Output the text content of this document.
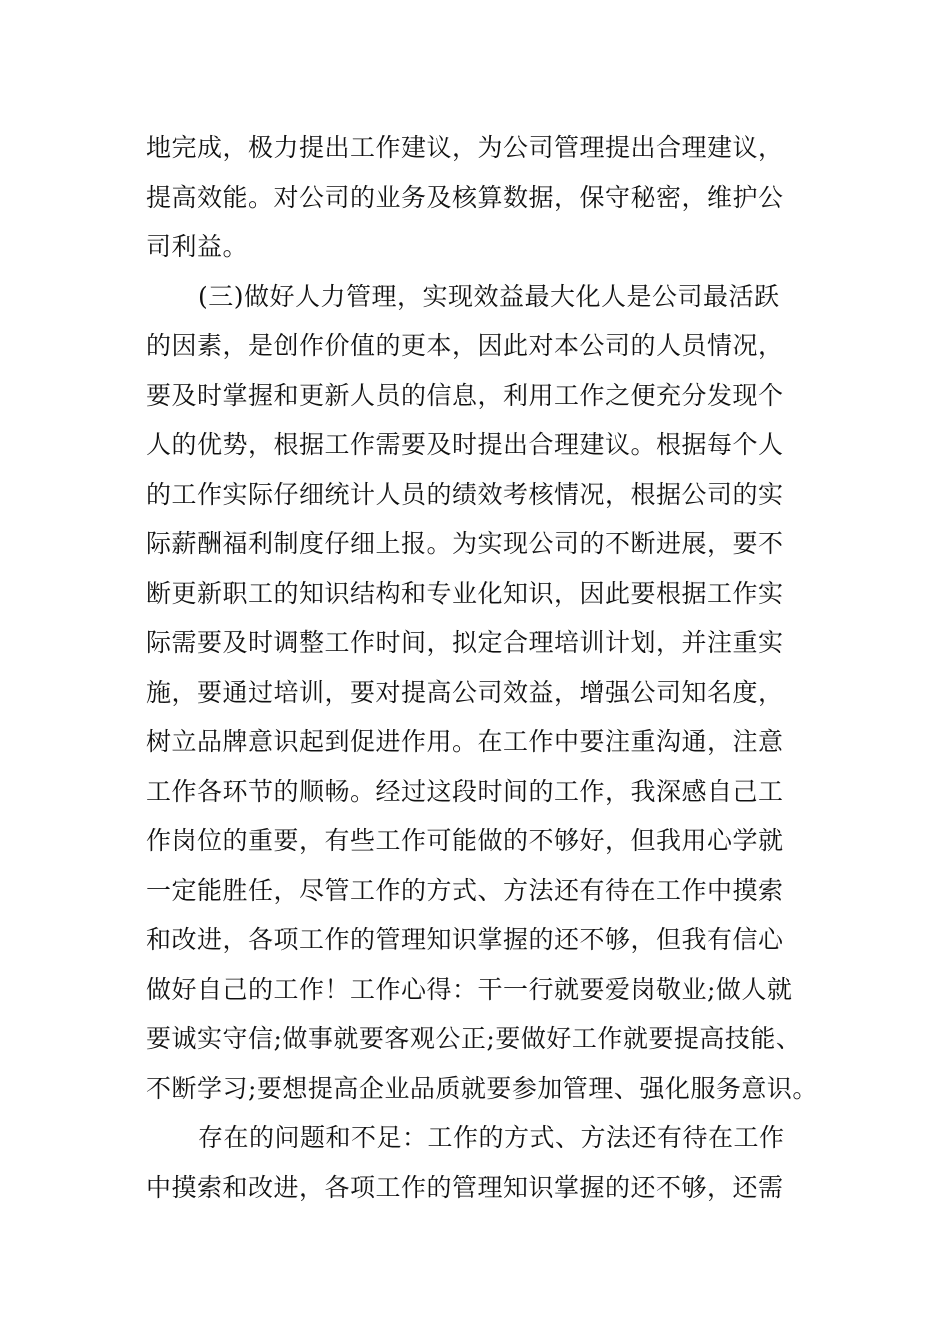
地完成，极力提出工作建议，为公司管理提出合理建议，
提高效能。对公司的业务及核算数据，保守秘密，维护公
司利益。
(三)做好人力管理，实现效益最大化人是公司最活跃
的因素，是创作价值的更本，因此对本公司的人员情况，
要及时掌握和更新人员的信息，利用工作之便充分发现个
人的优势，根据工作需要及时提出合理建议。根据每个人
的工作实际仔细统计人员的绩效考核情况，根据公司的实
际薪酬福利制度仔细上报。为实现公司的不断进展，要不
断更新职工的知识结构和专业化知识，因此要根据工作实
际需要及时调整工作时间，拟定合理培训计划，并注重实
施，要通过培训，要对提高公司效益，增强公司知名度，
树立品牌意识起到促进作用。在工作中要注重沟通，注意
工作各环节的顺畅。经过这段时间的工作，我深感自己工
作岗位的重要，有些工作可能做的不够好，但我用心学就
一定能胜任，尽管工作的方式、方法还有待在工作中摸索
和改进，各项工作的管理知识掌握的还不够，但我有信心
做好自己的工作！工作心得：干一行就要爱岗敬业;做人就
要诚实守信;做事就要客观公正;要做好工作就要提高技能、
不断学习;要想提高企业品质就要参加管理、强化服务意识。
存在的问题和不足：工作的方式、方法还有待在工作
中摸索和改进，各项工作的管理知识掌握的还不够，还需
